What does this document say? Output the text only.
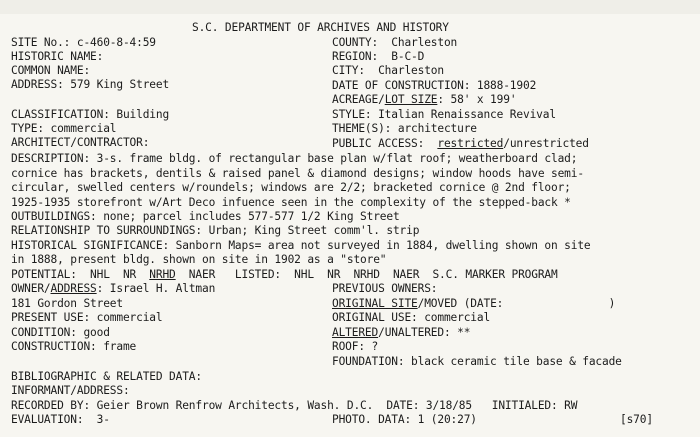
S.C. DEPARTMENT OF ARCHIVES AND HISTORY
SITE No.: c-460-8-4:59
HISTORIC NAME:
COMMON NAME:
ADDRESS: 579 King Street
CLASSIFICATION: Building
TYPE: commercial
ARCHITECT/CONTRACTOR:
COUNTY:  Charleston
REGION:  B-C-D
CITY:  Charleston
DATE OF CONSTRUCTION: 1888-1902
ACREAGE/LOT SIZE: 58' x 199'
STYLE: Italian Renaissance Revival
THEME(S): architecture
PUBLIC ACCESS:  restricted/unrestricted
DESCRIPTION: 3-s. frame bldg. of rectangular base plan w/flat roof; weatherboard clad;
cornice has brackets, dentils & raised panel & diamond designs; window hoods have semi-
circular, swelled centers w/roundels; windows are 2/2; bracketed cornice @ 2nd floor;
1925-1935 storefront w/Art Deco infuence seen in the complexity of the stepped-back *
OUTBUILDINGS: none; parcel includes 577-577 1/2 King Street
RELATIONSHIP TO SURROUNDINGS: Urban; King Street comm'l. strip
HISTORICAL SIGNIFICANCE: Sanborn Maps= area not surveyed in 1884, dwelling shown on site
in 1888, present bldg. shown on site in 1902 as a "store"
POTENTIAL:  NHL  NR  NRHD  NAER   LISTED:  NHL  NR  NRHD  NAER  S.C. MARKER PROGRAM
OWNER/ADDRESS: Israel H. Altman
181 Gordon Street
PRESENT USE: commercial
CONDITION: good
CONSTRUCTION: frame
PREVIOUS OWNERS:
ORIGINAL SITE/MOVED (DATE:                )
ORIGINAL USE: commercial
ALTERED/UNALTERED: **
ROOF: ?
FOUNDATION: black ceramic tile base & facade
BIBLIOGRAPHIC & RELATED DATA:
INFORMANT/ADDRESS:
RECORDED BY: Geier Brown Renfrow Architects, Wash. D.C.  DATE: 3/18/85   INITIALED: RW
EVALUATION:  3-	PHOTO. DATA: 1 (20:27)	[s70]
